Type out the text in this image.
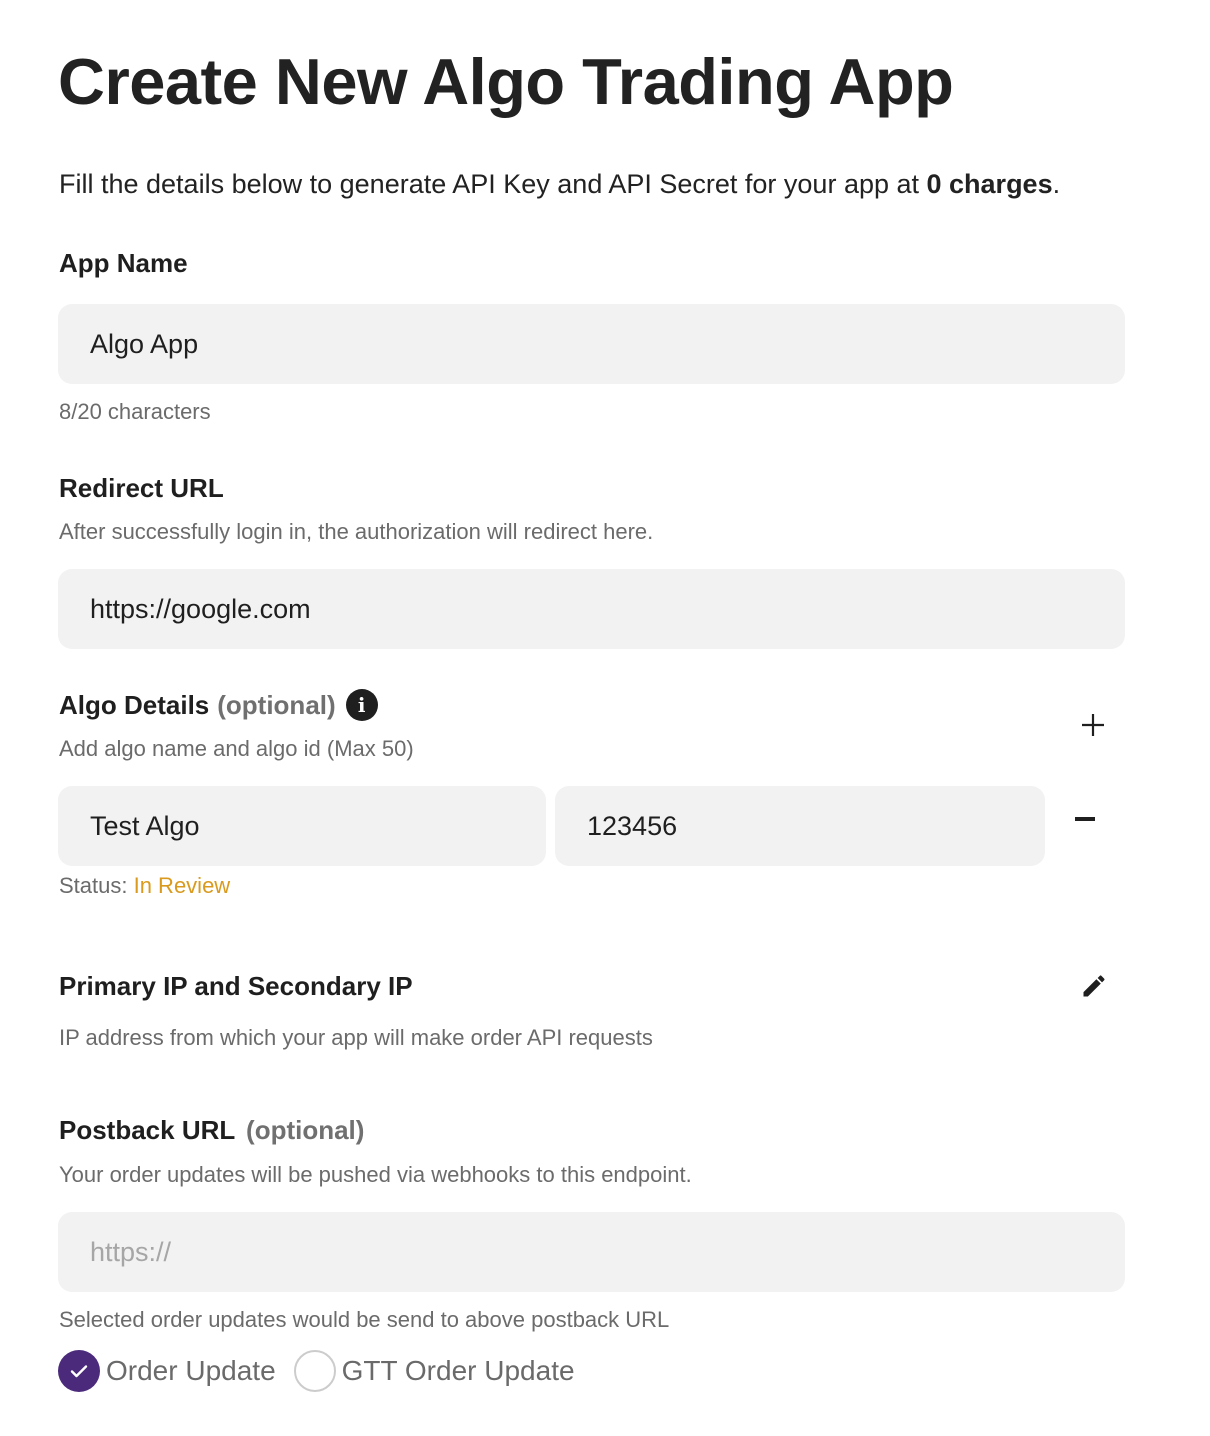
Create New Algo Trading App

Fill the details below to generate API Key and API Secret for your app at 0 charges.

App Name
Algo App
8/20 characters
Redirect URL
After successfully login in, the authorization will redirect here.
https://google.com
Algo Details (optional)	i
Add algo name and algo id (Max 50)
Test Algo
123456
Status: In Review
Primary IP and Secondary IP
IP address from which your app will make order API requests
Postback URL (optional)
Your order updates will be pushed via webhooks to this endpoint.
https://
Selected order updates would be send to above postback URL
Order Update GTT Order Update
